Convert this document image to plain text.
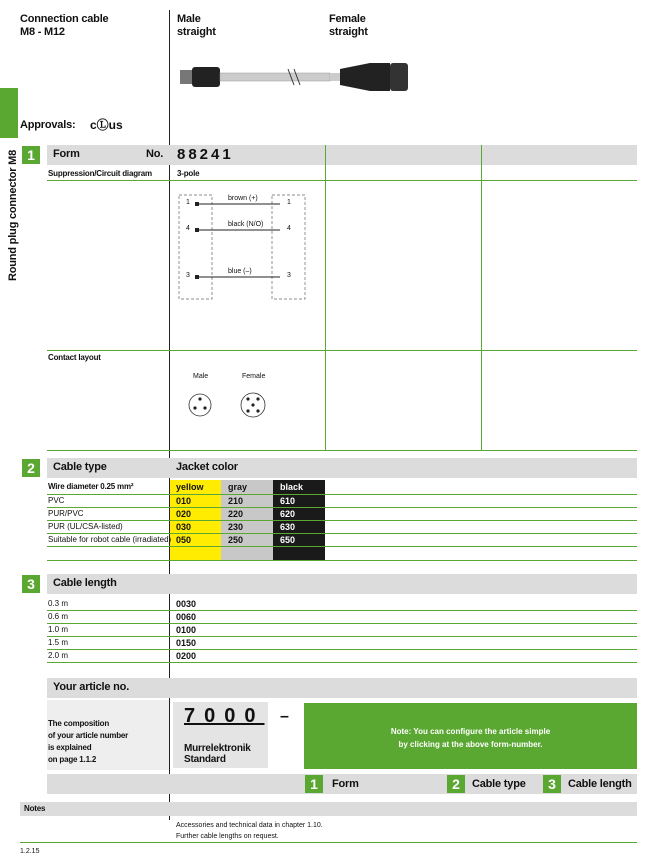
Connection cable
M8 - M12
Male
straight
Female
straight
Approvals: cⓁus
Round plug connector M8 1	Form	No. 88241
Suppression/Circuit diagram	3-pole
1
4
3
1
4
3
brown (+)
black (N/O)
blue (–)
Contact layout
Male	Female
2	Cable type	Jacket color
Wire diameter 0.25 mm²	yellow	gray	black
PVC	010	210	610
PUR/PVC	020	220	620
PUR (UL/CSA-listed)	030	230	630
Suitable for robot cable (irradiated) 050	250	650
3	Cable length
0.3 m	0030
0.6 m	0060
1.0 m	0100
1.5 m	0150
2.0 m	0200
Your article no.
The composition
of your article number
is explained
on page 1.1.2
7000 –
Murrelektronik
Standard
Note: You can configure the article simple
by clicking at the above form-number.
1	Form	2	Cable type	3	Cable length
Notes
Accessories and technical data in chapter 1.10.
Further cable lengths on request.
1.2.15
